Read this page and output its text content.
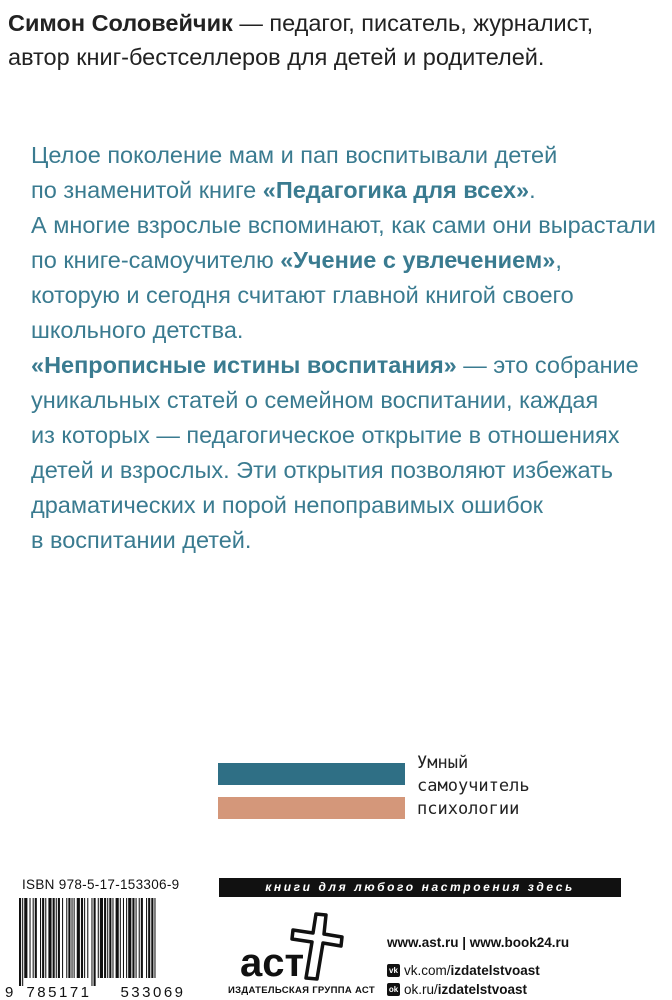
Симон Соловейчик — педагог, писатель, журналист,
автор книг-бестселлеров для детей и родителей.

Целое поколение мам и пап воспитывали детей
по знаменитой книге «Педагогика для всех».
А многие взрослые вспоминают, как сами они вырастали
по книге-самоучителю «Учение с увлечением»,
которую и сегодня считают главной книгой своего
школьного детства.

«Непрописные истины воспитания» — это собрание
уникальных статей о семейном воспитании, каждая
из которых — педагогическое открытие в отношениях
детей и взрослых. Эти открытия позволяют избежать
драматических и порой непоправимых ошибок
в воспитании детей.

Умный
самоучитель
психологии
ISBN 978-5-17-153306-9
9 785171 533069
книги для любого настроения здесь
аст
ИЗДАТЕЛЬСКАЯ ГРУППА АСТ
www.ast.ru | www.book24.ru
vk vk.com/ izdatelstvoast
ok ok.ru/ izdatelstvoast
